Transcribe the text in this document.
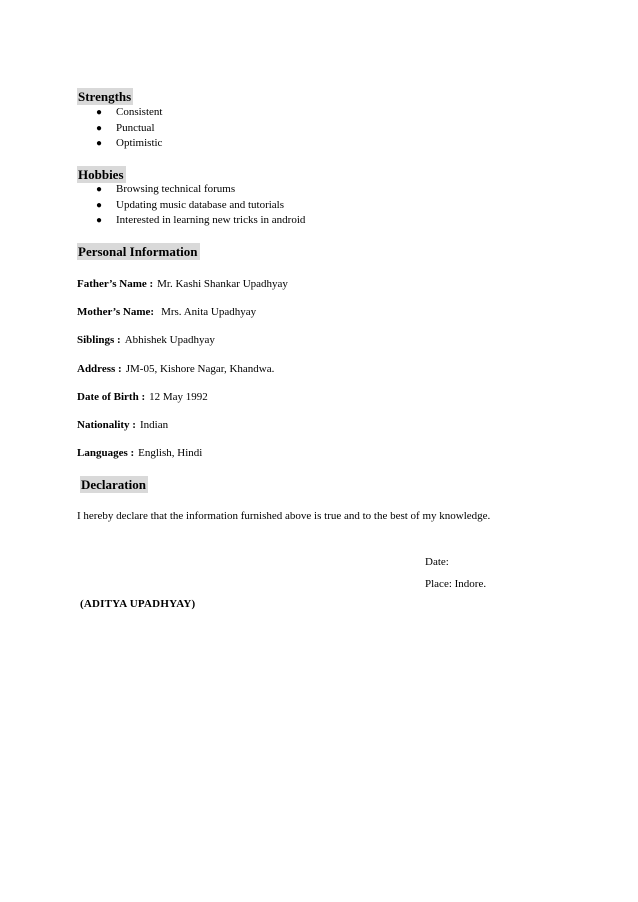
Strengths
● Consistent
● Punctual
● Optimistic
Hobbies
● Browsing technical forums
● Updating music database and tutorials
● Interested in learning new tricks in android
Personal Information
Father’s Name : Mr. Kashi Shankar Upadhyay
Mother’s Name: Mrs. Anita Upadhyay
Siblings : Abhishek Upadhyay
Address : JM-05, Kishore Nagar, Khandwa.
Date of Birth : 12 May 1992
Nationality : Indian
Languages : English, Hindi
Declaration
I hereby declare that the information furnished above is true and to the best of my knowledge.
Date:
Place: Indore.
(ADITYA UPADHYAY)
